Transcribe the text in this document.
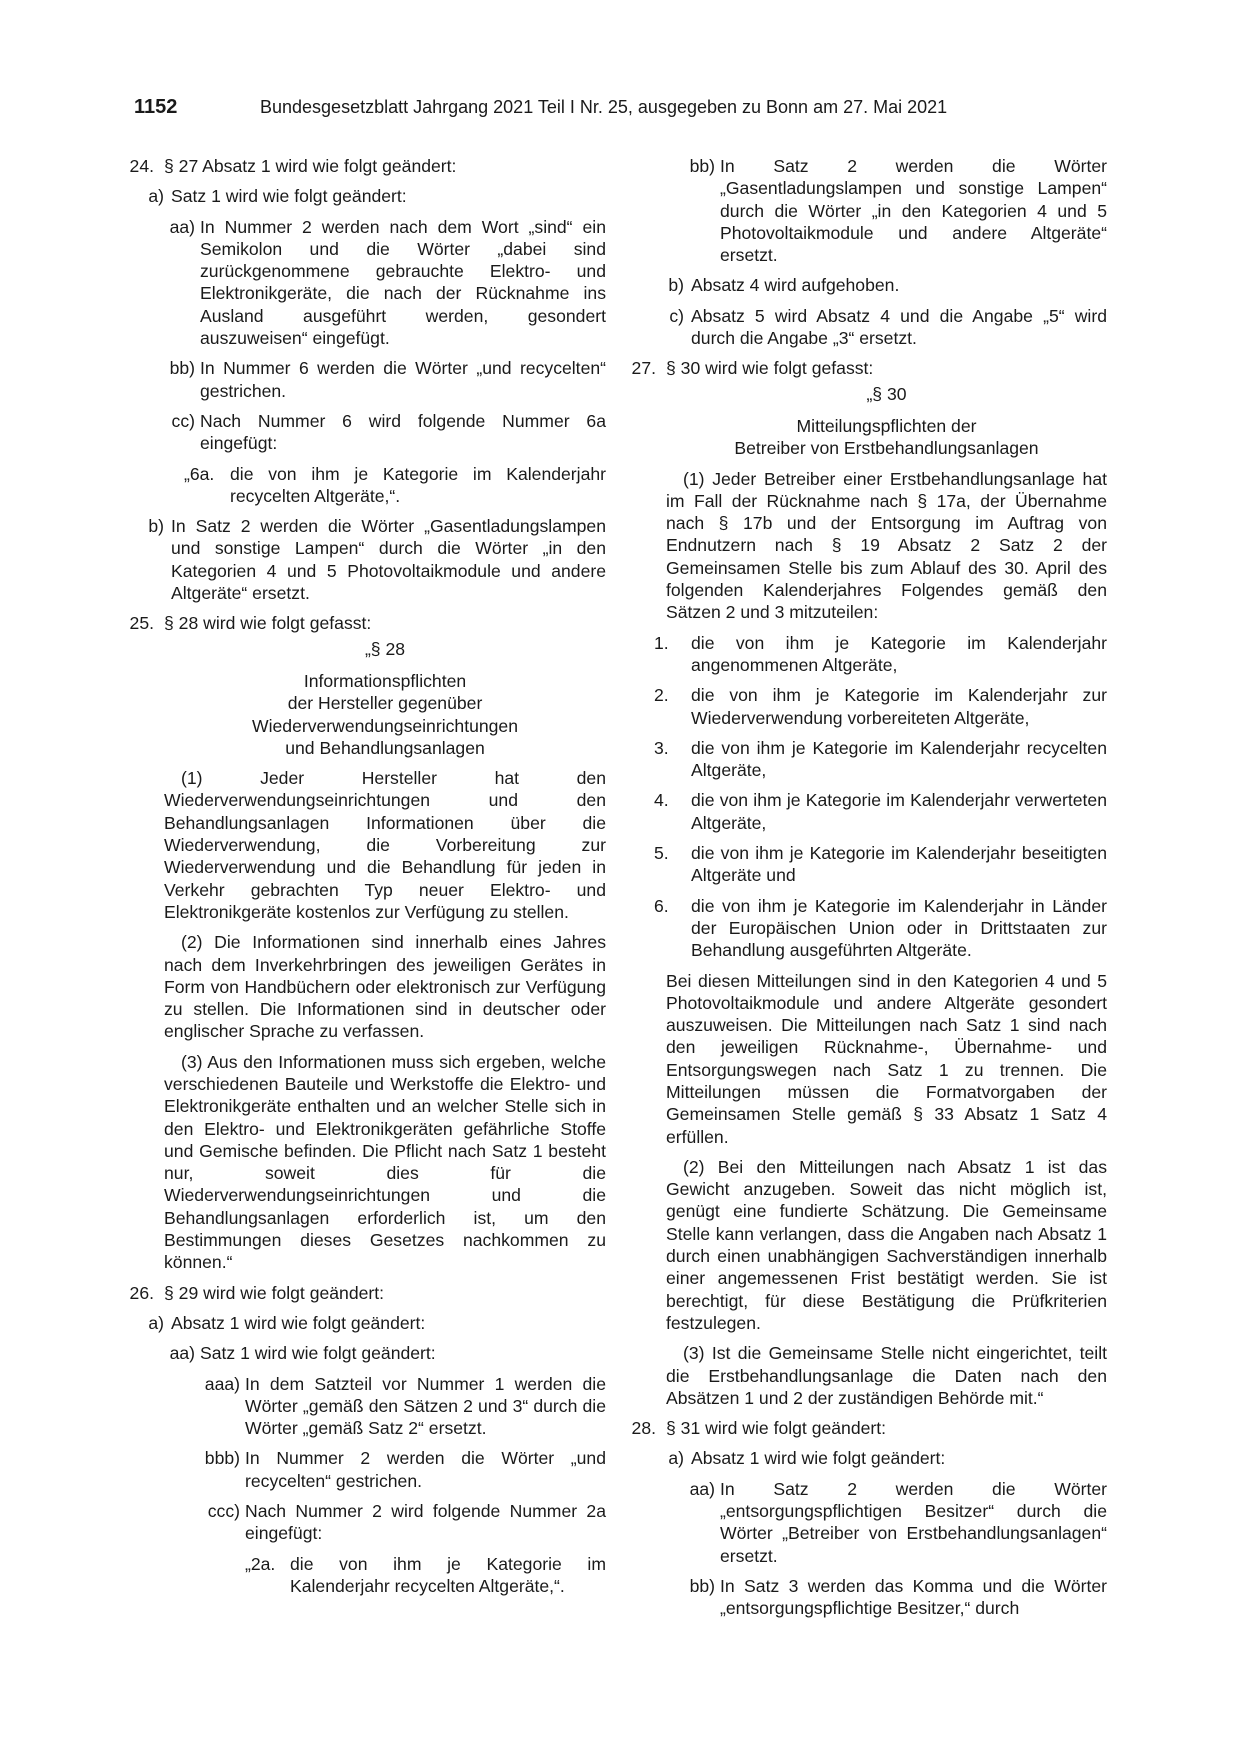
1152	Bundesgesetzblatt Jahrgang 2021 Teil I Nr. 25, ausgegeben zu Bonn am 27. Mai 2021
24. § 27 Absatz 1 wird wie folgt geändert:
a) Satz 1 wird wie folgt geändert:
aa) In Nummer 2 werden nach dem Wort „sind“ ein Semikolon und die Wörter „dabei sind zurückgenommene gebrauchte Elektro- und Elektronikgeräte, die nach der Rücknahme ins Ausland ausgeführt werden, gesondert auszuweisen“ eingefügt.
bb) In Nummer 6 werden die Wörter „und recycelten“ gestrichen.
cc) Nach Nummer 6 wird folgende Nummer 6a eingefügt:
„6a. die von ihm je Kategorie im Kalenderjahr recycelten Altgeräte,“.
b) In Satz 2 werden die Wörter „Gasentladungslampen und sonstige Lampen“ durch die Wörter „in den Kategorien 4 und 5 Photovoltaikmodule und andere Altgeräte“ ersetzt.
25. § 28 wird wie folgt gefasst:

„§ 28

Informationspflichten

der Hersteller gegenüber

Wiederverwendungseinrichtungen

und Behandlungsanlagen

(1) Jeder Hersteller hat den Wiederverwendungseinrichtungen und den Behandlungsanlagen Informationen über die Wiederverwendung, die Vorbereitung zur Wiederverwendung und die Behandlung für jeden in Verkehr gebrachten Typ neuer Elektro- und Elektronikgeräte kostenlos zur Verfügung zu stellen.

(2) Die Informationen sind innerhalb eines Jahres nach dem Inverkehrbringen des jeweiligen Gerätes in Form von Handbüchern oder elektronisch zur Verfügung zu stellen. Die Informationen sind in deutscher oder englischer Sprache zu verfassen.

(3) Aus den Informationen muss sich ergeben, welche verschiedenen Bauteile und Werkstoffe die Elektro- und Elektronikgeräte enthalten und an welcher Stelle sich in den Elektro- und Elektronikgeräten gefährliche Stoffe und Gemische befinden. Die Pflicht nach Satz 1 besteht nur, soweit dies für die Wiederverwendungseinrichtungen und die Behandlungsanlagen erforderlich ist, um den Bestimmungen dieses Gesetzes nachkommen zu können.“

26. § 29 wird wie folgt geändert:
a) Absatz 1 wird wie folgt geändert:
aa) Satz 1 wird wie folgt geändert:
aaa) In dem Satzteil vor Nummer 1 werden die Wörter „gemäß den Sätzen 2 und 3“ durch die Wörter „gemäß Satz 2“ ersetzt.
bbb) In Nummer 2 werden die Wörter „und recycelten“ gestrichen.
ccc) Nach Nummer 2 wird folgende Nummer 2a eingefügt:
„2a. die von ihm je Kategorie im Kalenderjahr recycelten Altgeräte,“.
bb) In Satz 2 werden die Wörter „Gasentladungslampen und sonstige Lampen“ durch die Wörter „in den Kategorien 4 und 5 Photovoltaikmodule und andere Altgeräte“ ersetzt.
b) Absatz 4 wird aufgehoben.
c) Absatz 5 wird Absatz 4 und die Angabe „5“ wird durch die Angabe „3“ ersetzt.
27. § 30 wird wie folgt gefasst:

„§ 30

Mitteilungspflichten der

Betreiber von Erstbehandlungsanlagen

(1) Jeder Betreiber einer Erstbehandlungsanlage hat im Fall der Rücknahme nach § 17a, der Übernahme nach § 17b und der Entsorgung im Auftrag von Endnutzern nach § 19 Absatz 2 Satz 2 der Gemeinsamen Stelle bis zum Ablauf des 30. April des folgenden Kalenderjahres Folgendes gemäß den Sätzen 2 und 3 mitzuteilen:

1.	die von ihm je Kategorie im Kalenderjahr angenommenen Altgeräte,
2.	die von ihm je Kategorie im Kalenderjahr zur Wiederverwendung vorbereiteten Altgeräte,
3.	die von ihm je Kategorie im Kalenderjahr recycelten Altgeräte,
4.	die von ihm je Kategorie im Kalenderjahr verwerteten Altgeräte,
5.	die von ihm je Kategorie im Kalenderjahr beseitigten Altgeräte und
6.	die von ihm je Kategorie im Kalenderjahr in Länder der Europäischen Union oder in Drittstaaten zur Behandlung ausgeführten Altgeräte.

Bei diesen Mitteilungen sind in den Kategorien 4 und 5 Photovoltaikmodule und andere Altgeräte gesondert auszuweisen. Die Mitteilungen nach Satz 1 sind nach den jeweiligen Rücknahme-, Übernahme- und Entsorgungswegen nach Satz 1 zu trennen. Die Mitteilungen müssen die Formatvorgaben der Gemeinsamen Stelle gemäß § 33 Absatz 1 Satz 4 erfüllen.

(2) Bei den Mitteilungen nach Absatz 1 ist das Gewicht anzugeben. Soweit das nicht möglich ist, genügt eine fundierte Schätzung. Die Gemeinsame Stelle kann verlangen, dass die Angaben nach Absatz 1 durch einen unabhängigen Sachverständigen innerhalb einer angemessenen Frist bestätigt werden. Sie ist berechtigt, für diese Bestätigung die Prüfkriterien festzulegen.

(3) Ist die Gemeinsame Stelle nicht eingerichtet, teilt die Erstbehandlungsanlage die Daten nach den Absätzen 1 und 2 der zuständigen Behörde mit.“

28. § 31 wird wie folgt geändert:
a) Absatz 1 wird wie folgt geändert:
aa) In Satz 2 werden die Wörter „entsorgungspflichtigen Besitzer“ durch die Wörter „Betreiber von Erstbehandlungsanlagen“ ersetzt.
bb) In Satz 3 werden das Komma und die Wörter „entsorgungspflichtige Besitzer,“ durch
